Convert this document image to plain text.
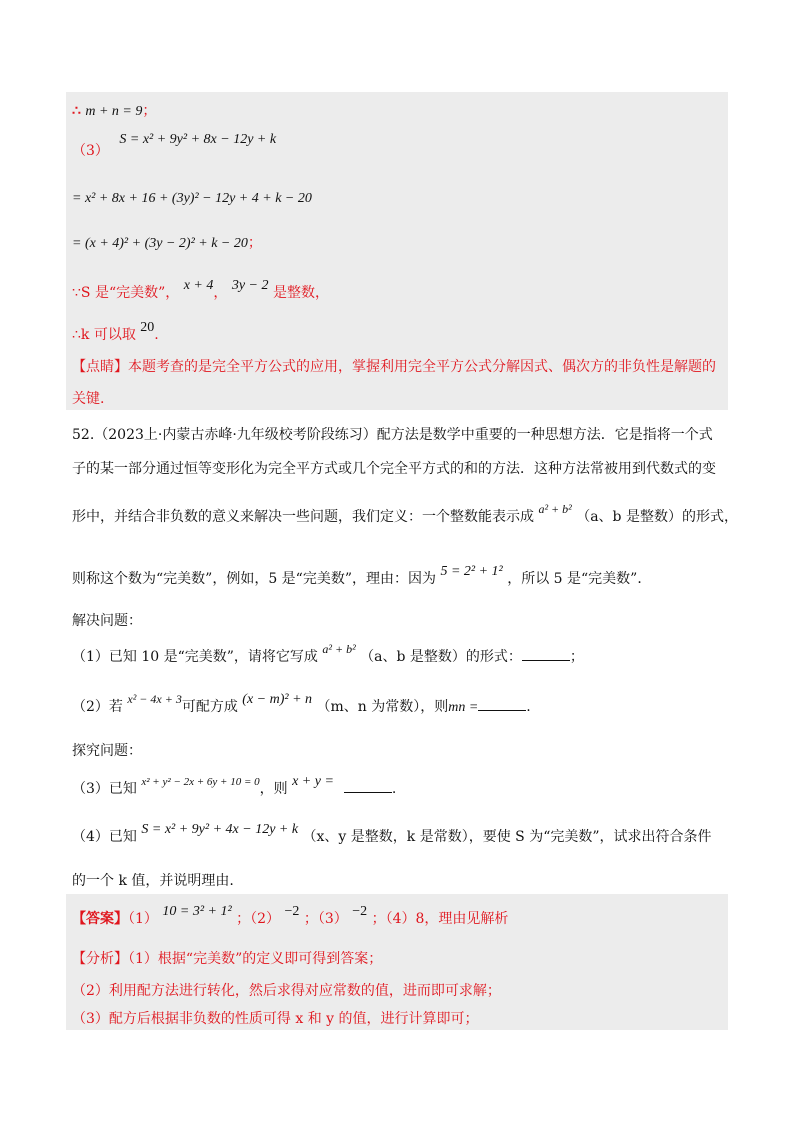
∴ m + n = 9；
（3） S = x² + 9y² + 8x − 12y + k
= x² + 8x + 16 + (3y)² − 12y + 4 + k − 20
= (x + 4)² + (3y − 2)² + k − 20；
∵S 是“完美数”， x + 4， 3y − 2 是整数，
∴k 可以取 20.
【点睛】本题考查的是完全平方公式的应用，掌握利用完全平方公式分解因式、偶次方的非负性是解题的
关键.
52.（2023上·内蒙古赤峰·九年级校考阶段练习）配方法是数学中重要的一种思想方法．它是指将一个式
子的某一部分通过恒等变形化为完全平方式或几个完全平方式的和的方法．这种方法常被用到代数式的变
形中，并结合非负数的意义来解决一些问题，我们定义：一个整数能表示成 a² + b² （a、b 是整数）的形式，
则称这个数为“完美数”，例如，5 是“完美数”，理由：因为 5 = 2² + 1² ，所以 5 是“完美数”．
解决问题：
（1）已知 10 是“完美数”，请将它写成 a² + b² （a、b 是整数）的形式：	；
（2）若 x² − 4x + 3可配方成 (x − m)² + n （m、n 为常数），则mn =	.
探究问题：
（3）已知 $^{x^2 + y^2 - 2x + 6y + 10 = 0}$，则 x + y =	.
（4）已知 S = x² + 9y² + 4x − 12y + k （x、y 是整数，k 是常数），要使 S 为“完美数”，试求出符合条件
的一个 k 值，并说明理由.
【答案】（1） 10 = 3² + 1² ；（2） −2 ；（3） −2 ；（4）8，理由见解析
【分析】（1）根据“完美数”的定义即可得到答案；
（2）利用配方法进行转化，然后求得对应常数的值，进而即可求解；
（3）配方后根据非负数的性质可得 x 和 y 的值，进行计算即可；
